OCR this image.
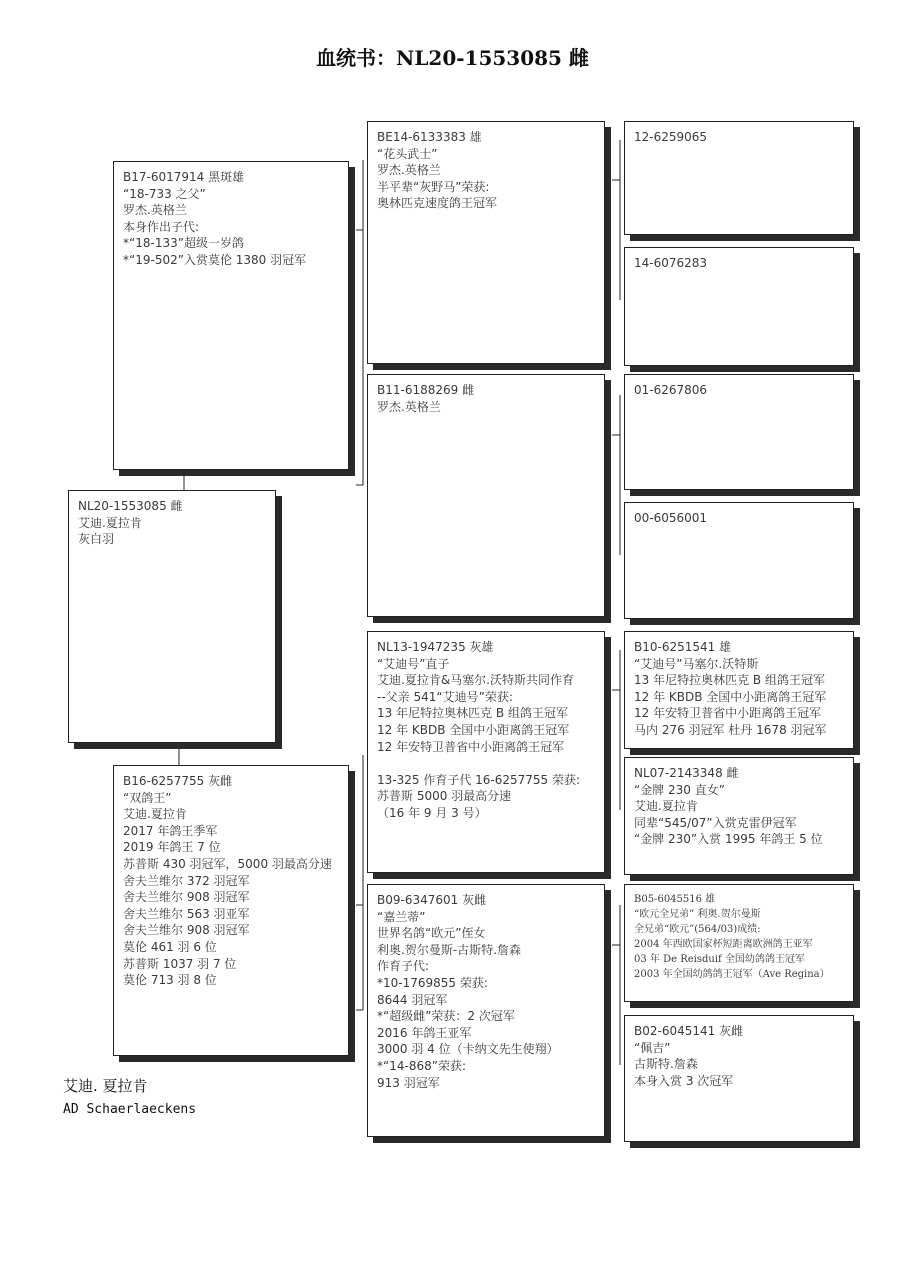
血统书：NL20-1553085 雌
NL20-1553085 雌
艾迪.夏拉肯
灰白羽
B17-6017914 黑斑雄
“18-733 之父”
罗杰.英格兰
本身作出子代:
*“18-133”超级一岁鸽
*“19-502”入赏莫伦 1380 羽冠军
B16-6257755 灰雌
“双鸽王”
艾迪.夏拉肯
2017 年鸽王季军
2019 年鸽王 7 位
苏普斯 430 羽冠军，5000 羽最高分速
舍夫兰维尔 372 羽冠军
舍夫兰维尔 908 羽冠军
舍夫兰维尔 563 羽亚军
舍夫兰维尔 908 羽冠军
莫伦 461 羽 6 位
苏普斯 1037 羽 7 位
莫伦 713 羽 8 位
BE14-6133383 雄
“花头武士”
罗杰.英格兰
半平辈“灰野马”荣获:
奥林匹克速度鸽王冠军
B11-6188269 雌
罗杰.英格兰
NL13-1947235 灰雄
“艾迪号”直子
艾迪.夏拉肯&马塞尔.沃特斯共同作育
--父亲 541“艾迪号”荣获:
13 年尼特拉奥林匹克 B 组鸽王冠军
12 年 KBDB 全国中小距离鸽王冠军
12 年安特卫普省中小距离鸽王冠军
13-325 作育子代 16-6257755 荣获:
苏普斯 5000 羽最高分速
（16 年 9 月 3 号）
B09-6347601 灰雌
“嘉兰蒂”
世界名鸽“欧元”侄女
利奥.贺尔曼斯-古斯特.詹森
作育子代:
*10-1769855 荣获:
8644 羽冠军
*“超级雌”荣获：2 次冠军
2016 年鸽王亚军
3000 羽 4 位（卡纳文先生使翔）
*“14-868”荣获:
913 羽冠军
12-6259065
14-6076283
01-6267806
00-6056001
B10-6251541 雄
“艾迪号”马塞尔.沃特斯
13 年尼特拉奥林匹克 B 组鸽王冠军
12 年 KBDB 全国中小距离鸽王冠军
12 年安特卫普省中小距离鸽王冠军
马内 276 羽冠军 杜丹 1678 羽冠军
NL07-2143348 雌
“金牌 230 直女”
艾迪.夏拉肯
同辈“545/07”入赏克雷伊冠军
“金牌 230”入赏 1995 年鸽王 5 位
B05-6045516 雄
“欧元全兄弟” 利奥.贺尔曼斯
全兄弟“欧元”(564/03)成绩:
2004 年西欧国家杯短距离欧洲鸽王亚军
03 年 De Reisduif 全国幼鸽鸽王冠军
2003 年全国幼鸽鸽王冠军（Ave Regina）
B02-6045141 灰雌
“佩吉”
古斯特.詹森
本身入赏 3 次冠军
艾迪. 夏拉肯
AD Schaerlaeckens
